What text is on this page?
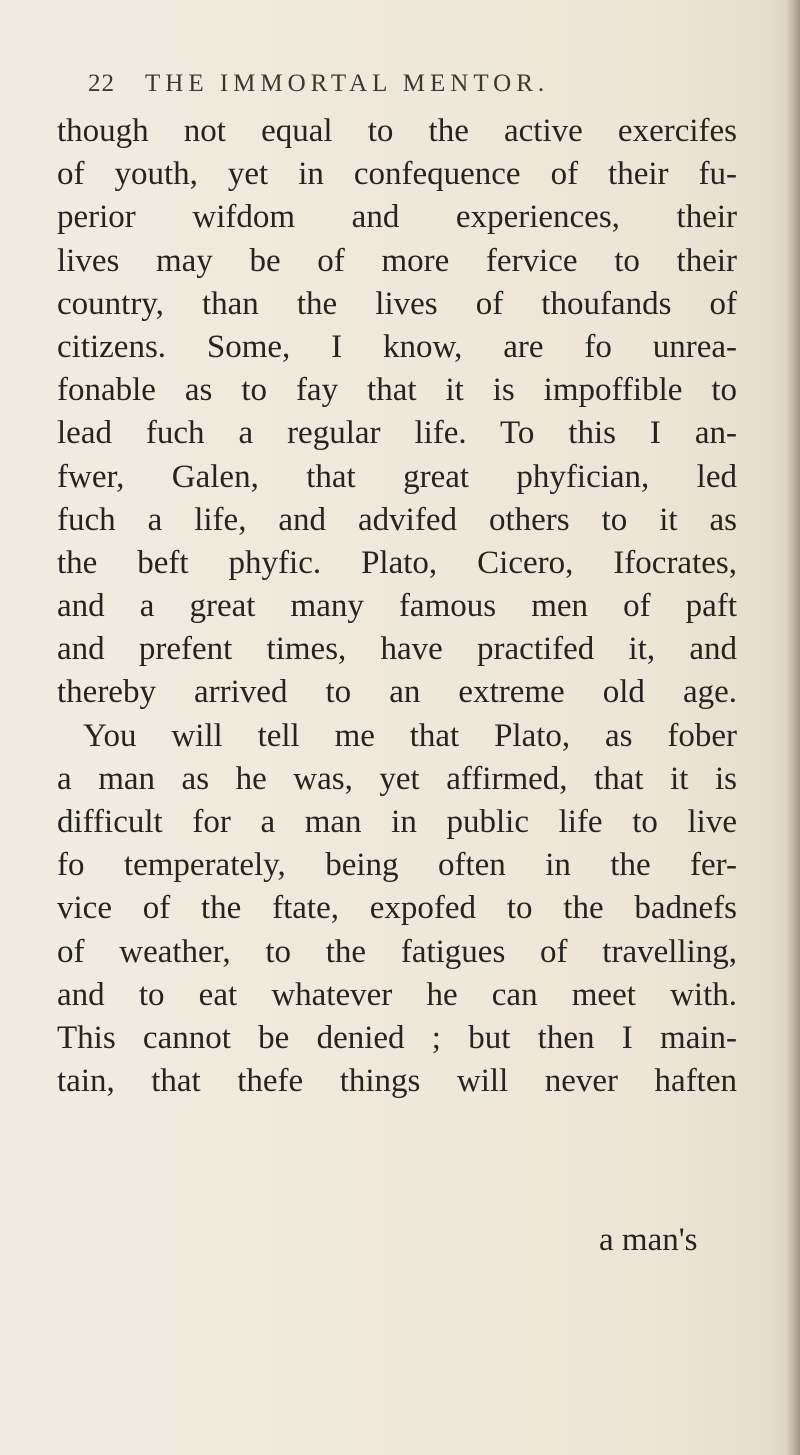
22 THE IMMORTAL MENTOR.
though not equal to the active exercifes
of youth, yet in confequence of their fu-
perior wifdom and experiences, their
lives may be of more fervice to their
country, than the lives of thoufands of
citizens. Some, I know, are fo unrea-
fonable as to fay that it is impoffible to
lead fuch a regular life. To this I an-
fwer, Galen, that great phyfician, led
fuch a life, and advifed others to it as
the beft phyfic. Plato, Cicero, Ifocrates,
and a great many famous men of paft
and prefent times, have practifed it, and
thereby arrived to an extreme old age.
You will tell me that Plato, as fober
a man as he was, yet affirmed, that it is
difficult for a man in public life to live
fo temperately, being often in the fer-
vice of the ftate, expofed to the badnefs
of weather, to the fatigues of travelling,
and to eat whatever he can meet with.
This cannot be denied ; but then I main-
tain, that thefe things will never haften
a man's
